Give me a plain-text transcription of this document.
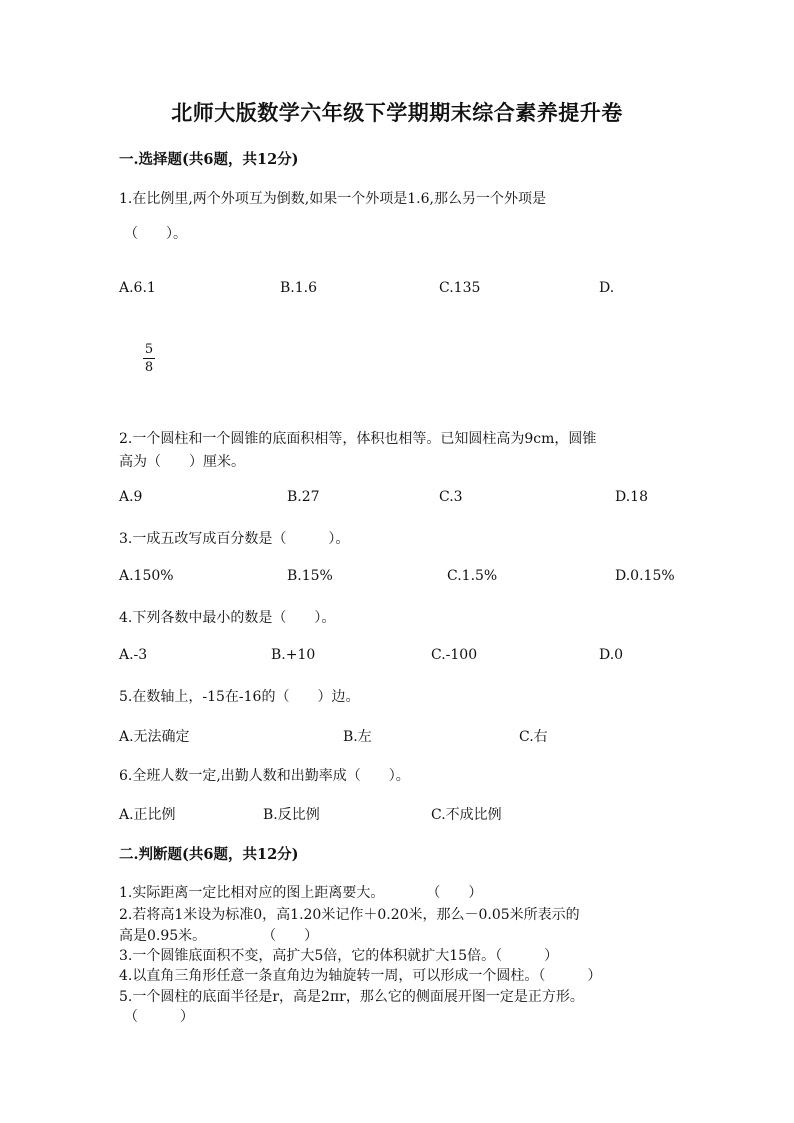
北师大版数学六年级下学期期末综合素养提升卷
一.选择题(共6题，共12分)
1.在比例里,两个外项互为倒数,如果一个外项是1.6,那么另一个外项是
（　　）。
A.6.1	B.1.6	C.135	D.
5
8
2.一个圆柱和一个圆锥的底面积相等，体积也相等。已知圆柱高为9cm，圆锥
高为（　　）厘米。
A.9	B.27	C.3	D.18
3.一成五改写成百分数是（　　　）。
A.150%	B.15%	C.1.5%	D.0.15%
4.下列各数中最小的数是（　　）。
A.-3	B.+10	C.-100	D.0
5.在数轴上，-15在-16的（　　）边。
A.无法确定	B.左	C.右
6.全班人数一定,出勤人数和出勤率成（　　）。
A.正比例	B.反比例	C.不成比例
二.判断题(共6题，共12分)
1.实际距离一定比相对应的图上距离要大。　　　　（　　）
2.若将高1米设为标准0，高1.20米记作＋0.20米，那么－0.05米所表示的
高是0.95米。　　　　　（　　）
3.一个圆锥底面积不变，高扩大5倍，它的体积就扩大15倍。（　　　）
4.以直角三角形任意一条直角边为轴旋转一周，可以形成一个圆柱。（　　　）
5.一个圆柱的底面半径是r，高是2πr，那么它的侧面展开图一定是正方形。
（　　　）
